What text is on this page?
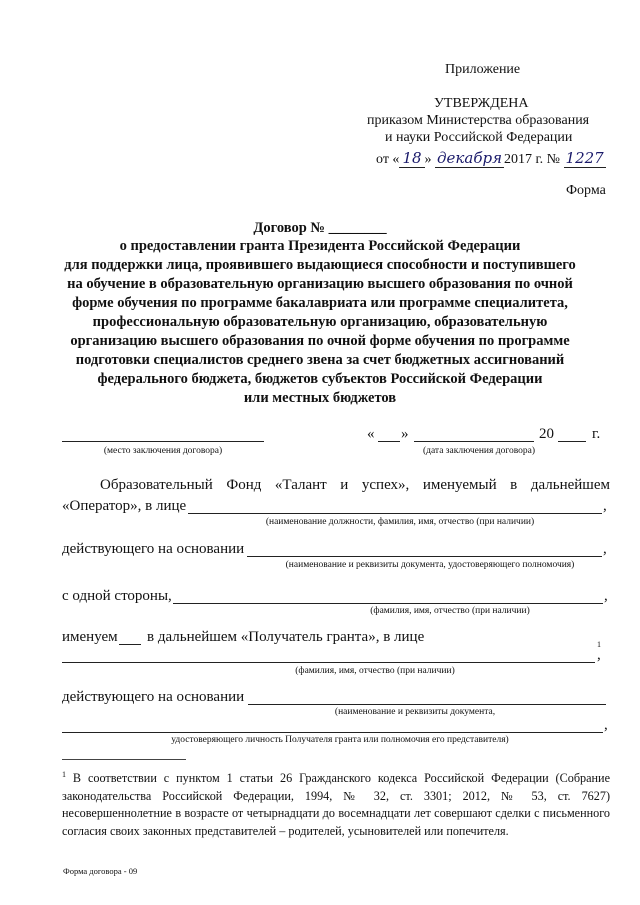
Приложение
УТВЕРЖДЕНА
приказом Министерства образования
и науки Российской Федерации
от « 18 » декабря 2017 г. № 1227
Форма
Договор № ________
о предоставлении гранта Президента Российской Федерации
для поддержки лица, проявившего выдающиеся способности и поступившего
на обучение в образовательную организацию высшего образования по очной
форме обучения по программе бакалавриата или программе специалитета,
профессиональную образовательную организацию, образовательную
организацию высшего образования по очной форме обучения по программе
подготовки специалистов среднего звена за счет бюджетных ассигнований
федерального бюджета, бюджетов субъектов Российской Федерации
или местных бюджетов
(место заключения договора)
« »	20	г.
(дата заключения договора)
Образовательный Фонд «Талант и успех», именуемый в дальнейшем
«Оператор», в лице	,
(наименование должности, фамилия, имя, отчество (при наличии)
действующего на основании	,
(наименование и реквизиты документа, удостоверяющего полномочия)
с одной стороны,	,
(фамилия, имя, отчество (при наличии)
именуем в дальнейшем «Получатель гранта», в лице	1
,
(фамилия, имя, отчество (при наличии)
действующего на основании
(наименование и реквизиты документа,
,
удостоверяющего личность Получателя гранта или полномочия его представителя)
$^1$ В соответствии с пунктом 1 статьи 26 Гражданского кодекса Российской Федерации (Собрание законодательства Российской Федерации, 1994, № 32, ст. 3301; 2012, № 53, ст. 7627) несовершеннолетние в возрасте от четырнадцати до восемнадцати лет совершают сделки с письменного согласия своих законных представителей – родителей, усыновителей или попечителя.
Форма договора - 09
